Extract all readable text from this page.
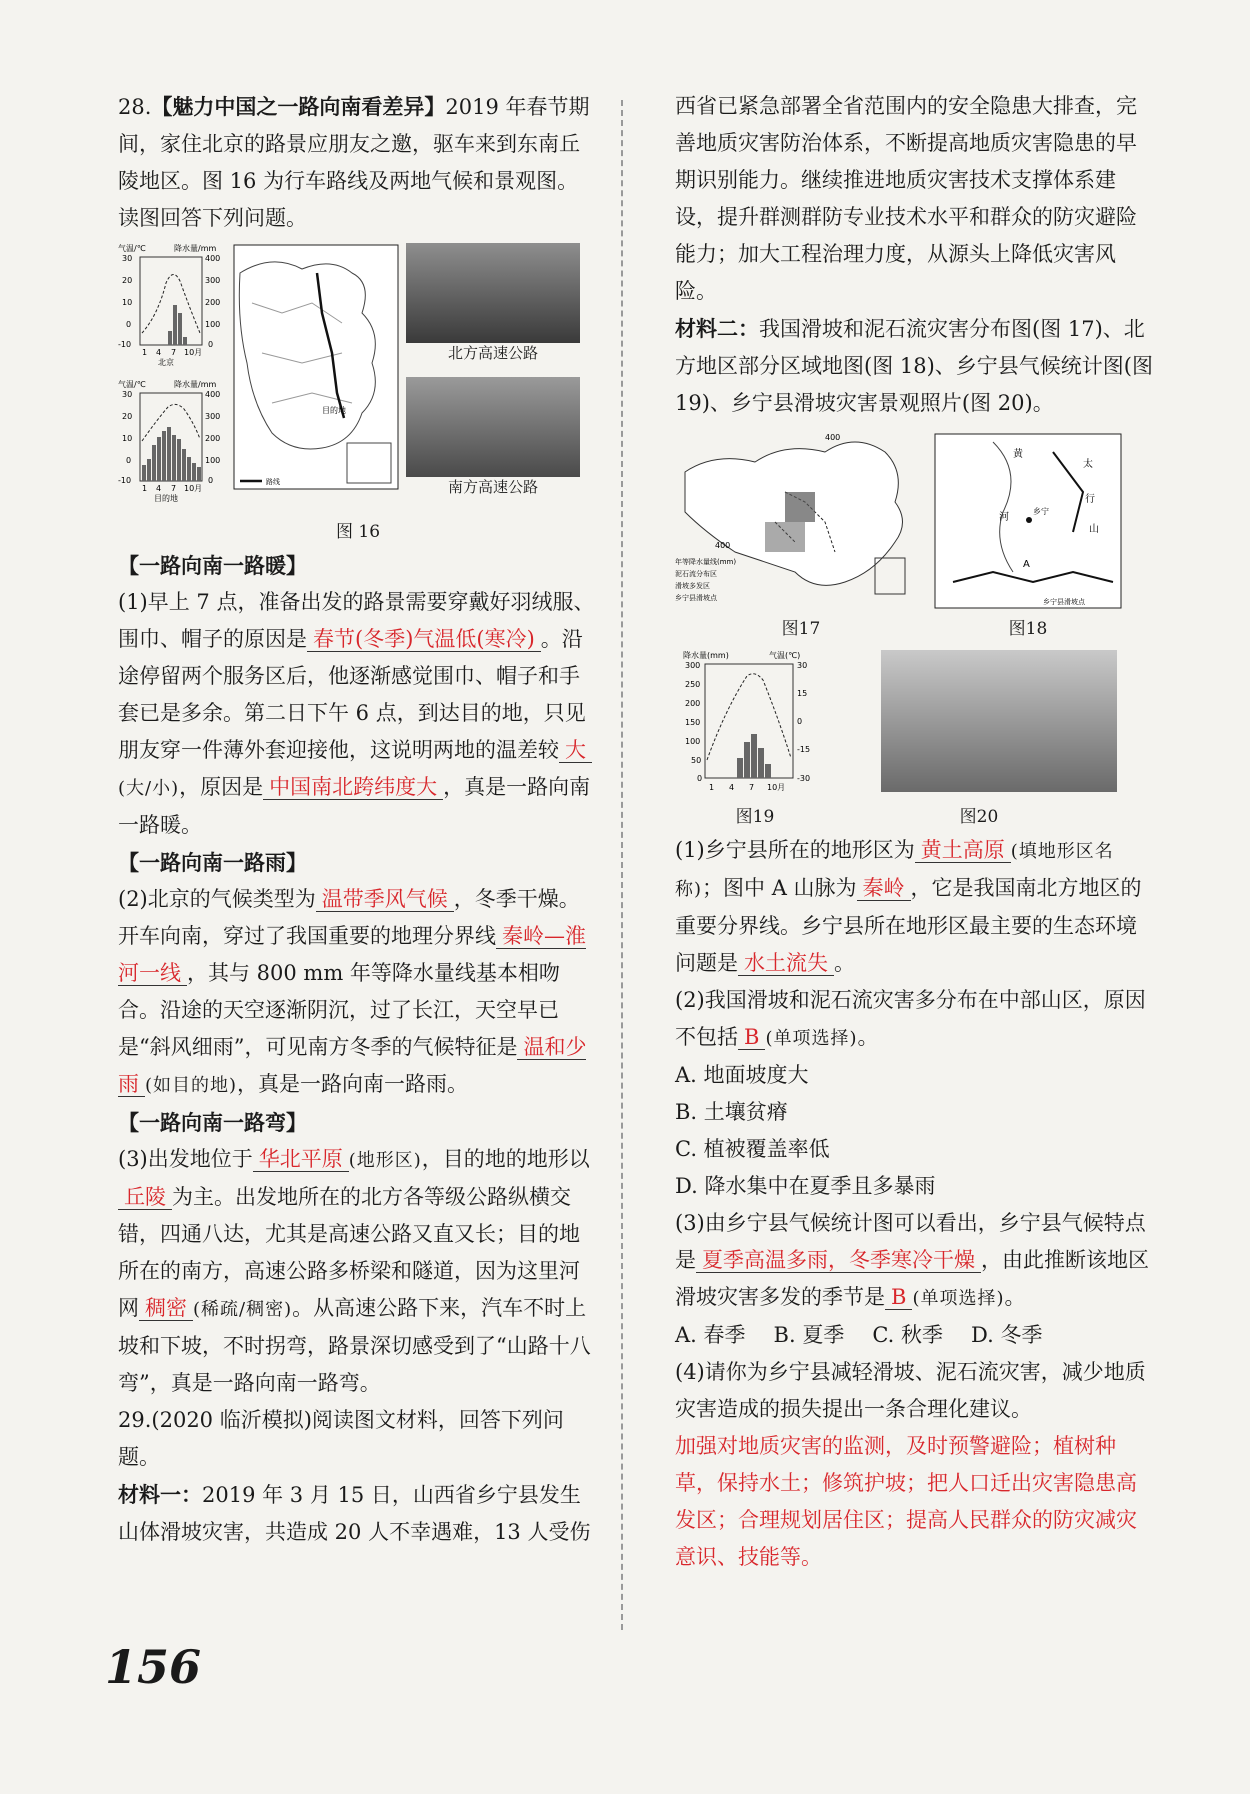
28.【魅力中国之一路向南看差异】2019 年春节期间，家住北京的路景应朋友之邀，驱车来到东南丘陵地区。图 16 为行车路线及两地气候和景观图。读图回答下列问题。

气温/℃	降水量/mm
30
20
10
0
-10
400
300
200
100
0
1 4 7 10月
北京

气温/℃	降水量/mm
30
20
10
0
-10
400
300
200
100
0
1 4 7 10月
目的地
目的地
路线
北方高速公路
南方高速公路
图 16

【一路向南一路暖】

(1)早上 7 点，准备出发的路景需要穿戴好羽绒服、围巾、帽子的原因是 春节(冬季)气温低(寒冷) 。沿途停留两个服务区后，他逐渐感觉围巾、帽子和手套已是多余。第二日下午 6 点，到达目的地，只见朋友穿一件薄外套迎接他，这说明两地的温差较 大(大/小)，原因是 中国南北跨纬度大 ，真是一路向南一路暖。

【一路向南一路雨】

(2)北京的气候类型为 温带季风气候 ，冬季干燥。开车向南，穿过了我国重要的地理分界线 秦岭—淮河一线 ，其与 800 mm 年等降水量线基本相吻合。沿途的天空逐渐阴沉，过了长江，天空早已是“斜风细雨”，可见南方冬季的气候特征是 温和少雨 (如目的地)，真是一路向南一路雨。

【一路向南一路弯】

(3)出发地位于 华北平原 (地形区)，目的地的地形以丘陵 为主。出发地所在的北方各等级公路纵横交错，四通八达，尤其是高速公路又直又长；目的地所在的南方，高速公路多桥梁和隧道，因为这里河网 稠密 (稀疏/稠密)。从高速公路下来，汽车不时上坡和下坡，不时拐弯，路景深切感受到了“山路十八弯”，真是一路向南一路弯。

29.(2020 临沂模拟)阅读图文材料，回答下列问题。

材料一：2019 年 3 月 15 日，山西省乡宁县发生山体滑坡灾害，共造成 20 人不幸遇难，13 人受伤

西省已紧急部署全省范围内的安全隐患大排查，完善地质灾害防治体系，不断提高地质灾害隐患的早期识别能力。继续推进地质灾害技术支撑体系建设，提升群测群防专业技术水平和群众的防灾避险能力；加大工程治理力度，从源头上降低灾害风险。

材料二：我国滑坡和泥石流灾害分布图(图 17)、北方地区部分区域地图(图 18)、乡宁县气候统计图(图 19)、乡宁县滑坡灾害景观照片(图 20)。

400
400
年等降水量线(mm)
泥石流分布区
滑坡多发区
乡宁县滑坡点
黄
河
太
行
山
乡宁
A
乡宁县滑坡点
图17	图18
降水量(mm)	气温(℃)
300
250
200
150
100
50
0
30
15
0
-15
-30
1 4 7 10月
图19	图20

(1)乡宁县所在的地形区为 黄土高原 (填地形区名称)；图中 A 山脉为 秦岭 ，它是我国南北方地区的重要分界线。乡宁县所在地形区最主要的生态环境问题是 水土流失 。

(2)我国滑坡和泥石流灾害多分布在中部山区，原因不包括 B (单项选择)。

A. 地面坡度大

B. 土壤贫瘠

C. 植被覆盖率低

D. 降水集中在夏季且多暴雨

(3)由乡宁县气候统计图可以看出，乡宁县气候特点是 夏季高温多雨，冬季寒冷干燥 ，由此推断该地区滑坡灾害多发的季节是 B (单项选择)。

A. 春季 B. 夏季 C. 秋季 D. 冬季

(4)请你为乡宁县减轻滑坡、泥石流灾害，减少地质灾害造成的损失提出一条合理化建议。

加强对地质灾害的监测，及时预警避险；植树种草，保持水土；修筑护坡；把人口迁出灾害隐患高发区；合理规划居住区；提高人民群众的防灾减灾意识、技能等。

156
